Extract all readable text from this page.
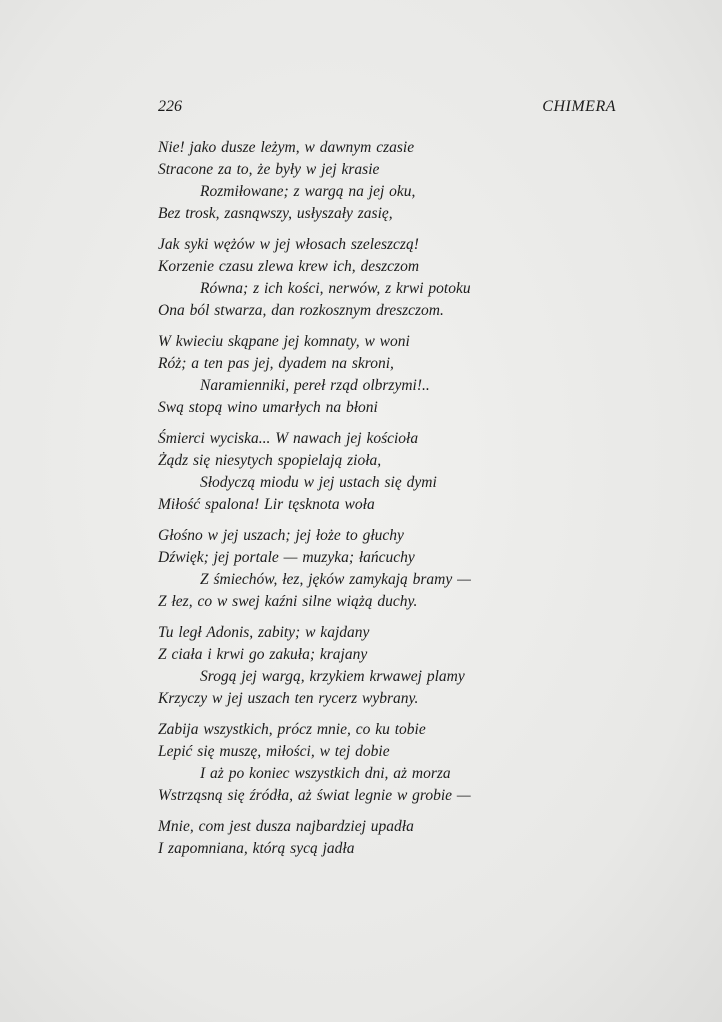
226	CHIMERA
Nie! jako dusze leżym, w dawnym czasie
Stracone za to, że były w jej krasie
Rozmiłowane; z wargą na jej oku,
Bez trosk, zasnąwszy, usłyszały zasię,
Jak syki wężów w jej włosach szeleszczą!
Korzenie czasu zlewa krew ich, deszczom
Równa; z ich kości, nerwów, z krwi potoku
Ona ból stwarza, dan rozkosznym dreszczom.
W kwieciu skąpane jej komnaty, w woni
Róż; a ten pas jej, dyadem na skroni,
Naramienniki, pereł rząd olbrzymi!..
Swą stopą wino umarłych na błoni
Śmierci wyciska... W nawach jej kościoła
Żądz się niesytych spopielają zioła,
Słodyczą miodu w jej ustach się dymi
Miłość spalona! Lir tęsknota woła
Głośno w jej uszach; jej łoże to głuchy
Dźwięk; jej portale — muzyka; łańcuchy
Z śmiechów, łez, jęków zamykają bramy —
Z łez, co w swej kaźni silne wiążą duchy.
Tu legł Adonis, zabity; w kajdany
Z ciała i krwi go zakuła; krajany
Srogą jej wargą, krzykiem krwawej plamy
Krzyczy w jej uszach ten rycerz wybrany.
Zabija wszystkich, prócz mnie, co ku tobie
Lepić się muszę, miłości, w tej dobie
I aż po koniec wszystkich dni, aż morza
Wstrząsną się źródła, aż świat legnie w grobie —
Mnie, com jest dusza najbardziej upadła
I zapomniana, którą sycą jadła
